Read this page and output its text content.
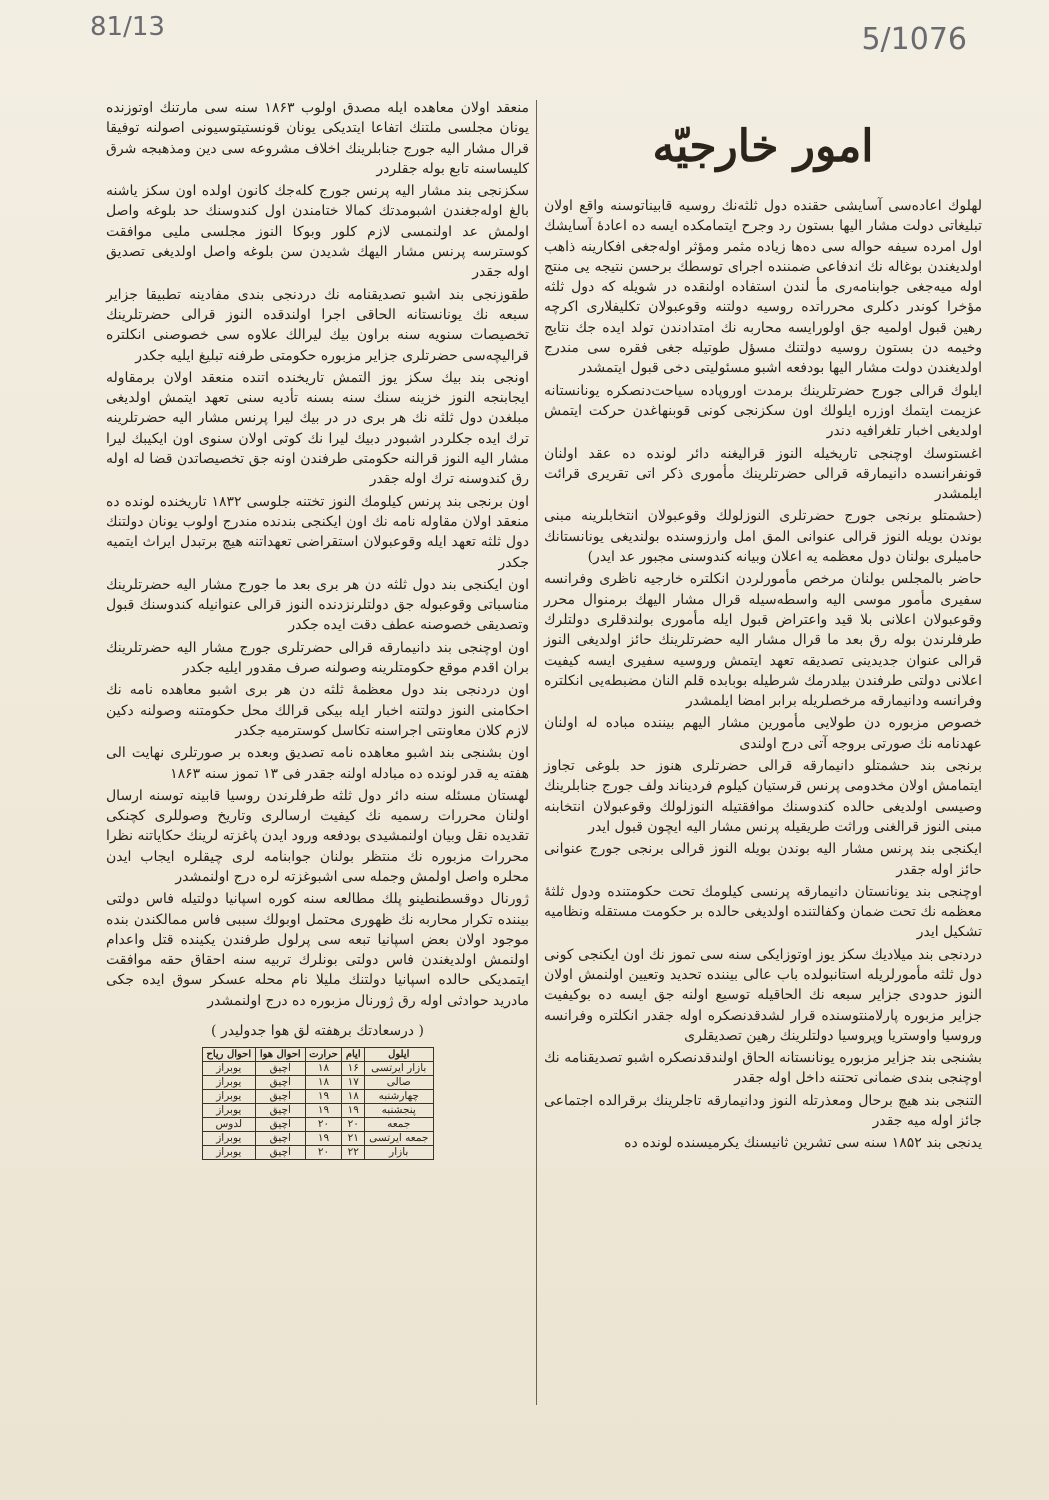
81/13	5/1076
امور خارجيّه

لهلوك اعاده‌سی آسایشی حقنده دول ثلثه‌نك روسیه قابیناتوسنه واقع اولان تبلیغاتی دولت مشار الیها بستون رد وجرح ایتمامكده ایسه ده اعادهٔ آسایشك اول امرده سیفه حواله سی ده‌ها زیاده مثمر ومؤثر اوله‌جغی افكارینه ذاهب اولدیغندن بوغاله نك اندفاعی ضمننده اجرای توسطك برحسن نتیجه یی منتج اوله میه‌جغی جوابنامه‌ری مأ لندن استفاده اولنقده در شویله كه دول ثلثه مؤخرا كوندر دكلری محرراتده روسیه دولتنه وقوعبولان تكلیفلاری اكرچه رهین قبول اولمیه جق اولورایسه محاربه نك امتدادندن تولد ایده جك نتایج وخیمه دن بستون روسیه دولتنك مسؤل طوتیله جغی فقره سی مندرج اولدیغندن دولت مشار الیها بودفعه اشبو مسئولیتی دخی قبول ایتمشدر

ایلوك قرالی جورج حضرتلرینك برمدت اوروپاده سیاحت‌دنصكره یونانستانه عزیمت ایتمك اوزره ایلولك اون سكزنجی كونی قوبنهاغدن حركت ایتمش اولدیغی اخبار تلغرافیه دندر

اغستوسك اوچنجی تاریخیله النوز قرالیغنه دائر لونده ده عقد اولنان قونفرانسده دانیمارقه قرالی حضرتلرینك مأموری ذكر اتی تقریری قرائت ایلمشدر

(حشمتلو برنجی جورج حضرتلری النوزلولك وقوعبولان انتخابلرینه مبنی بوندن بویله النوز قرالی عنوانی المق امل وارزوسنده بولندیغی یونانستانك حامیلری بولنان دول معظمه یه اعلان وبیانه كندوسنی مجبور عد ایدر)

حاضر بالمجلس بولنان مرخص مأمورلردن انكلتره خارجیه ناظری وفرانسه سفیری مأمور موسی الیه واسطه‌سیله قرال مشار الیهك برمنوال محرر وقوعبولان اعلانی بلا قید واعتراض قبول ایله مأموری بولندقلری دولتلرك طرفلرندن بوله رق بعد ما قرال مشار الیه حضرتلرینك حائز اولدیغی النوز قرالی عنوان جدیدینی تصدیقه تعهد ایتمش وروسیه سفیری ایسه كیفیت اعلانی دولتی طرفندن بیلدرمك شرطیله بوبابده قلم النان مضبطه‌یی انكلتره وفرانسه ودانیمارقه مرخصلریله برابر امضا ایلمشدر

خصوص مزبوره دن طولایی مأمورین مشار الیهم بیننده مباده له اولنان عهدنامه نك صورتی بروجه آتی درج اولندی

برنجی بند حشمتلو دانیمارقه قرالی حضرتلری هنوز حد بلوغی تجاوز ایتمامش اولان مخدومی پرنس قرستیان كیلوم فردیناند ولف جورج جنابلرینك وصیسی اولدیغی حالده كندوسنك موافقتیله النوزلولك وقوعبولان انتخابنه مبنی النوز قرالغنی وراثت طریقیله پرنس مشار الیه ایچون قبول ایدر

ایكنجی بند پرنس مشار الیه بوندن بویله النوز قرالی برنجی جورج عنوانی حائز اوله جقدر

اوچنجی بند یونانستان دانیمارقه پرنسی كیلومك تحت حكومتنده ودول ثلثهٔ معظمه نك تحت ضمان وكفالتنده اولدیغی حالده بر حكومت مستقله ونظامیه تشكیل ایدر

دردنجی بند میلادیك سكز یوز اوتوزایكی سنه سی تموز نك اون ایكنجی كونی دول ثلثه مأمورلریله استانبولده باب عالی بیننده تحدید وتعیین اولنمش اولان النوز حدودی جزایر سبعه نك الحاقیله توسیع اولنه جق ایسه ده بوكیفیت جزایر مزبوره پارلامنتوسنده قرار لشدقدنصكره اوله جقدر انكلتره وفرانسه وروسیا واوستریا وپروسیا دولتلرینك رهین تصدیقلری

بشنجی بند جزایر مزبوره یونانستانه الحاق اولندقدنصكره اشبو تصدیقنامه نك اوچنجی بندی ضمانی تحتنه داخل اوله جقدر

التنجی بند هیچ برحال ومعذرتله النوز ودانیمارقه تاجلرینك برقرالده اجتماعی جائز اوله میه جقدر

یدنجی بند ۱۸۵۲ سنه سی تشرین ثانیسنك یكرمیسنده لونده ده

منعقد اولان معاهده ایله مصدق اولوب ۱۸۶۳ سنه سی مارتنك اوتوزنده یونان مجلسی ملتنك اتفاعا ایتدیكی یونان قونستیتوسیونی اصولنه توفیقا قرال مشار الیه جورج جنابلرینك اخلاف مشروعه سی دین ومذهبجه شرق كلیساسنه تابع بوله جقلردر

سكزنجی بند مشار الیه پرنس جورج كله‌جك كانون اولده اون سكز یاشنه بالغ اوله‌جغندن اشبومدتك كمالا ختامندن اول كندوسنك حد بلوغه واصل اولمش عد اولنمسی لازم كلور وبوكا النوز مجلسی ملیی موافقت كوسترسه پرنس مشار الیهك شدیدن سن بلوغه واصل اولدیغی تصدیق اوله جقدر

طقوزنجی بند اشبو تصدیقنامه نك دردنجی بندی مفادینه تطبیقا جزایر سبعه نك یونانستانه الحاقی اجرا اولندقده النوز قرالی حضرتلرینك تخصیصات سنویه سنه براون بیك لیرالك علاوه سی خصوصنی انكلتره قرالیچه‌سی حضرتلری جزایر مزبوره حكومتی طرفنه تبلیغ ایلیه جكدر

اونجی بند بیك سكز یوز التمش تاریخنده اتنده منعقد اولان برمقاوله ایجابنجه النوز خزینه سنك سنه بسنه تأدیه سنی تعهد ایتمش اولدیغی مبلغدن دول ثلثه نك هر بری در در بیك لیرا پرنس مشار الیه حضرتلرینه ترك ایده جكلردر اشبودر دبیك لیرا نك كوتی اولان سنوی اون ایكیبك لیرا مشار الیه النوز قرالنه حكومتی طرفندن اونه جق تخصیصاتدن قضا له اوله رق كندوسنه ترك اوله جقدر

اون برنجی بند پرنس كیلومك النوز تختنه جلوسی ۱۸۳۲ تاریخنده لونده ده منعقد اولان مقاوله نامه نك اون ایكنجی بندنده مندرج اولوب یونان دولتنك دول ثلثه تعهد ایله وقوعبولان استقراضی تعهداتنه هیچ برتبدل ایراث ایتمیه جكدر

اون ایكنجی بند دول ثلثه دن هر بری بعد ما جورج مشار الیه حضرتلرینك مناسباتی وقوعبوله جق دولتلرنزدنده النوز قرالی عنوانیله كندوسنك قبول وتصدیقی خصوصنه عطف دقت ایده جكدر

اون اوچنجی بند دانیمارقه قرالی حضرتلری جورج مشار الیه حضرتلرینك بران اقدم موقع حكومتلرینه وصولنه صرف مقدور ایلیه جكدر

اون دردنجی بند دول معظمهٔ ثلثه دن هر بری اشبو معاهده نامه نك احكامنی النوز دولتنه اخبار ایله بیكی قرالك محل حكومتنه وصولنه دكین لازم كلان معاونتی اجراسنه تكاسل كوسترمیه جكدر

اون بشنجی بند اشبو معاهده نامه تصدیق وبعده بر صورتلری نهایت الی هفته یه قدر لونده ده مبادله اولنه جقدر فی ۱۳ تموز سنه ۱۸۶۳

لهستان مسئله سنه دائر دول ثلثه طرفلرندن روسیا قابینه توسنه ارسال اولنان محررات رسمیه نك كیفیت ارسالری وتاریخ وصوللری كچنكی تقدیده نقل وبیان اولنمشیدی بودفعه ورود ایدن پاغزته لرینك حكایاتنه نظرا محررات مزبوره نك منتظر بولنان جوابنامه لری چیقلره ایجاب ایدن محلره واصل اولمش وجمله سی اشبوغزته لره درج اولنمشدر

ژورنال دوقسطنطینو پلك مطالعه سنه كوره اسپانیا دولتیله فاس دولتی بیننده تكرار محاربه نك ظهوری محتمل اوبولك سببی فاس ممالكندن بنده موجود اولان بعض اسپانیا تبعه سی پرلول طرفندن یكینده قتل واعدام اولنمش اولدیغندن فاس دولتی بونلرك تربیه سنه احقاق حقه موافقت ایتمدیكی حالده اسپانیا دولتنك ملیلا نام محله عسكر سوق ایده جكی مادرید حوادثی اوله رق ژورنال مزبوره ده درج اولنمشدر

( درسعادتك برهفته لق هوا جدولیدر )
ایلول	ایام	حرارت	احوال هوا	احوال ریاح
بازار ایرتسی	۱۶	۱۸	آچیق	یوبراز
صالی	۱۷	۱۸	آچیق	یوبراز
چهارشنبه	۱۸	۱۹	آچیق	یوبراز
پنجشنبه	۱۹	۱۹	آچیق	یوبراز
جمعه	۲۰	۲۰	آچیق	لدوس
جمعه ایرتسی	۲۱	۱۹	آچیق	یوبراز
بازار	۲۲	۲۰	آچیق	یوبراز
